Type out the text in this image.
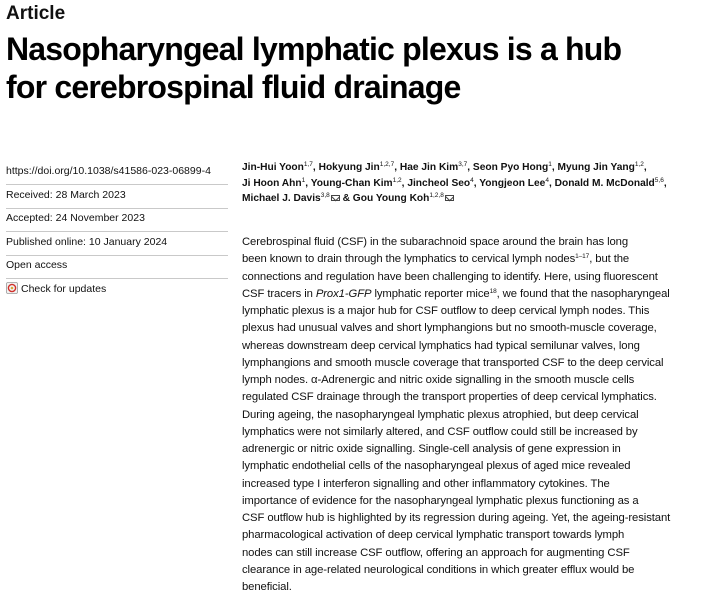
Article
Nasopharyngeal lymphatic plexus is a hub
for cerebrospinal fluid drainage
https://doi.org/10.1038/s41586-023-06899-4
Received: 28 March 2023
Accepted: 24 November 2023
Published online: 10 January 2024
Open access
Check for updates

Jin-Hui Yoon$^{1,7}$, Hokyung Jin$^{1,2,7}$, Hae Jin Kim$^{3,7}$, Seon Pyo Hong$^1$, Myung Jin Yang$^{1,2}$,
Ji Hoon Ahn$^1$, Young-Chan Kim$^{1,2}$, Jincheol Seo$^4$, Yongjeon Lee$^4$, Donald M. McDonald$^{5,6}$,
Michael J. Davis$^{3,8}$ & Gou Young Koh$^{1,2,8}$

Cerebrospinal fluid (CSF) in the subarachnoid space around the brain has long
been known to drain through the lymphatics to cervical lymph nodes$^{1-17}$, but the
connections and regulation have been challenging to identify. Here, using fluorescent
CSF tracers in Prox1-GFP lymphatic reporter mice$^{18}$, we found that the nasopharyngeal
lymphatic plexus is a major hub for CSF outflow to deep cervical lymph nodes. This
plexus had unusual valves and short lymphangions but no smooth-muscle coverage,
whereas downstream deep cervical lymphatics had typical semilunar valves, long
lymphangions and smooth muscle coverage that transported CSF to the deep cervical
lymph nodes. α-Adrenergic and nitric oxide signalling in the smooth muscle cells
regulated CSF drainage through the transport properties of deep cervical lymphatics.
During ageing, the nasopharyngeal lymphatic plexus atrophied, but deep cervical
lymphatics were not similarly altered, and CSF outflow could still be increased by
adrenergic or nitric oxide signalling. Single-cell analysis of gene expression in
lymphatic endothelial cells of the nasopharyngeal plexus of aged mice revealed
increased type I interferon signalling and other inflammatory cytokines. The
importance of evidence for the nasopharyngeal lymphatic plexus functioning as a
CSF outflow hub is highlighted by its regression during ageing. Yet, the ageing-resistant
pharmacological activation of deep cervical lymphatic transport towards lymph
nodes can still increase CSF outflow, offering an approach for augmenting CSF
clearance in age-related neurological conditions in which greater efflux would be
beneficial.
